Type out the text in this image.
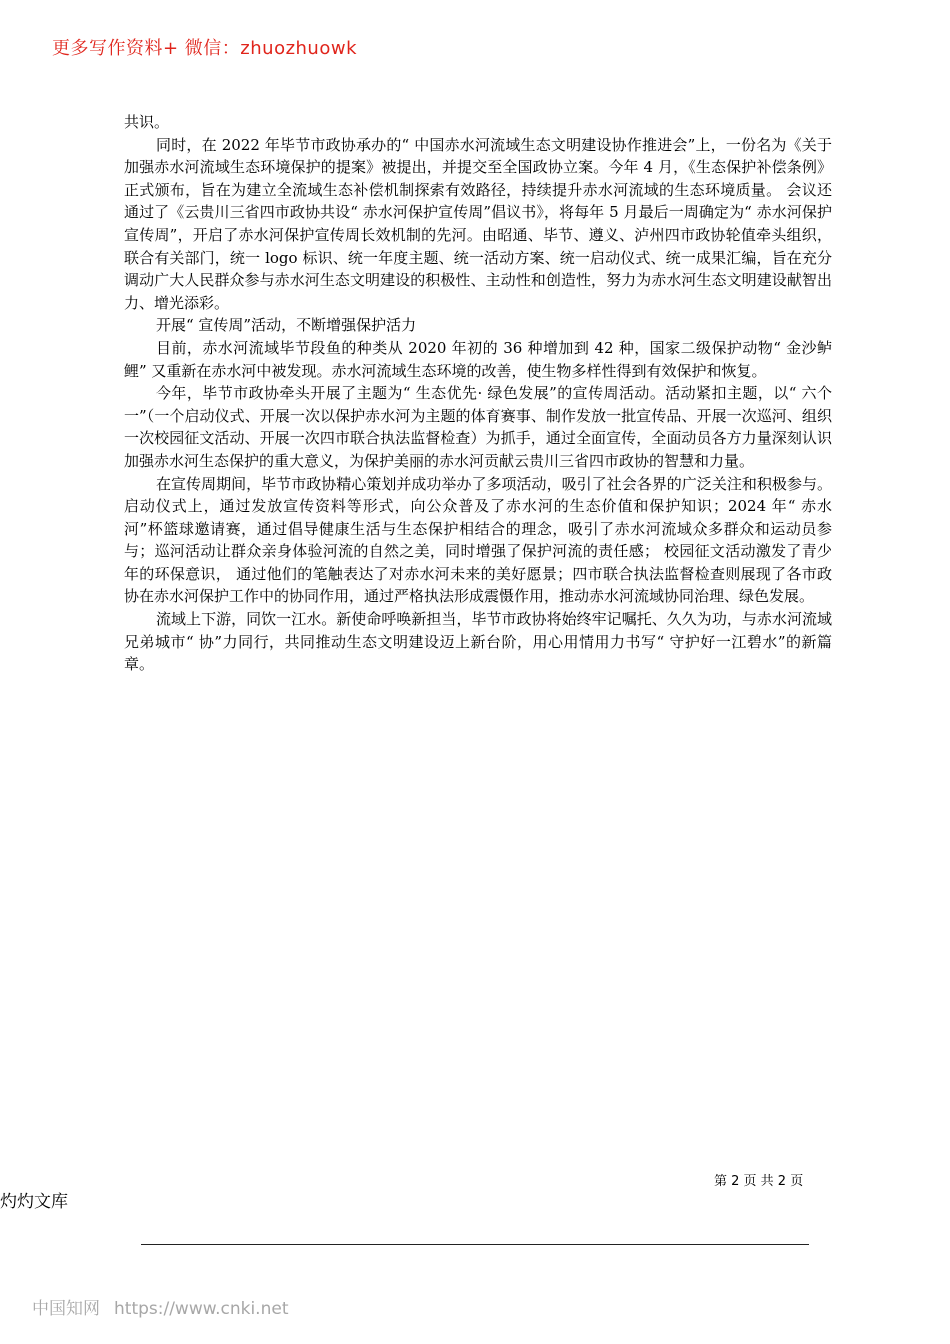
更多写作资料+ 微信：zhuozhuowk

共识。

同时，在 2022 年毕节市政协承办的“ 中国赤水河流域生态文明建设协作推进会”上，一份名为《关于加强赤水河流域生态环境保护的提案》被提出，并提交至全国政协立案。今年 4 月，《生态保护补偿条例》正式颁布，旨在为建立全流域生态补偿机制探索有效路径，持续提升赤水河流域的生态环境质量。 会议还通过了《云贵川三省四市政协共设“ 赤水河保护宣传周”倡议书》，将每年 5 月最后一周确定为“ 赤水河保护宣传周”，开启了赤水河保护宣传周长效机制的先河。由昭通、毕节、遵义、泸州四市政协轮值牵头组织，联合有关部门，统一 logo 标识、统一年度主题、统一活动方案、统一启动仪式、统一成果汇编，旨在充分调动广大人民群众参与赤水河生态文明建设的积极性、主动性和创造性，努力为赤水河生态文明建设献智出力、增光添彩。

开展“ 宣传周”活动，不断增强保护活力

目前，赤水河流域毕节段鱼的种类从 2020 年初的 36 种增加到 42 种，国家二级保护动物“ 金沙鲈鲤” 又重新在赤水河中被发现。赤水河流域生态环境的改善，使生物多样性得到有效保护和恢复。

今年，毕节市政协牵头开展了主题为“ 生态优先· 绿色发展”的宣传周活动。活动紧扣主题，以“ 六个一”（一个启动仪式、开展一次以保护赤水河为主题的体育赛事、制作发放一批宣传品、开展一次巡河、组织一次校园征文活动、开展一次四市联合执法监督检查）为抓手，通过全面宣传，全面动员各方力量深刻认识加强赤水河生态保护的重大意义，为保护美丽的赤水河贡献云贵川三省四市政协的智慧和力量。

在宣传周期间，毕节市政协精心策划并成功举办了多项活动，吸引了社会各界的广泛关注和积极参与。启动仪式上，通过发放宣传资料等形式，向公众普及了赤水河的生态价值和保护知识；2024 年“ 赤水河”杯篮球邀请赛，通过倡导健康生活与生态保护相结合的理念，吸引了赤水河流域众多群众和运动员参与；巡河活动让群众亲身体验河流的自然之美，同时增强了保护河流的责任感； 校园征文活动激发了青少年的环保意识， 通过他们的笔触表达了对赤水河未来的美好愿景；四市联合执法监督检查则展现了各市政协在赤水河保护工作中的协同作用，通过严格执法形成震慑作用，推动赤水河流域协同治理、绿色发展。

流域上下游，同饮一江水。新使命呼唤新担当，毕节市政协将始终牢记嘱托、久久为功，与赤水河流域兄弟城市“ 协”力同行，共同推动生态文明建设迈上新台阶，用心用情用力书写“ 守护好一江碧水”的新篇章。

第 2 页 共 2 页
灼灼文库
中国知网 https://www.cnki.net
